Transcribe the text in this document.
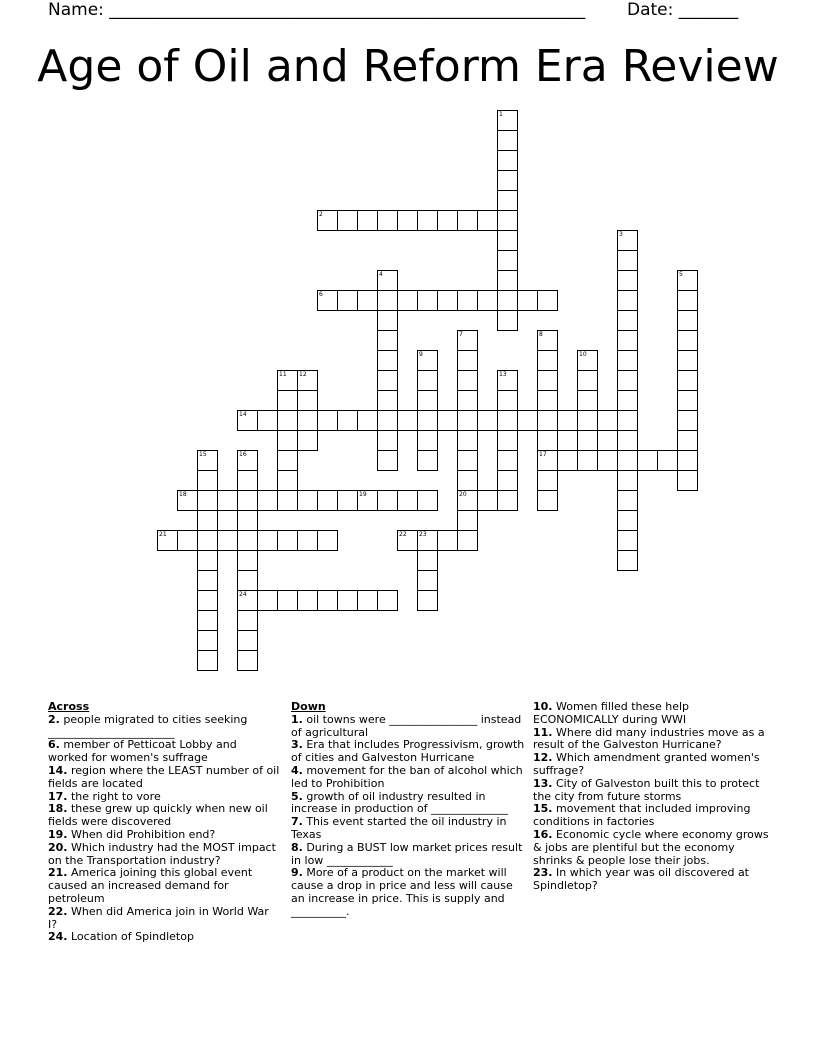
Name: ________________________________________________________ Date: _______
Age of Oil and Reform Era Review
1
2
3
4	5
6
7
20
8
17
9	10
11 12	13
14
15	16
24
18	19
21	22 23
Across
2. people migrated to cities seeking _______________________
6. member of Petticoat Lobby and worked for women's suffrage
14. region where the LEAST number of oil fields are located
17. the right to vore
18. these grew up quickly when new oil fields were discovered
19. When did Prohibition end?
20. Which industry had the MOST impact on the Transportation industry?
21. America joining this global event caused an increased demand for petroleum
22. When did America join in World War I?
24. Location of Spindletop
Down
1. oil towns were ________________ instead of agricultural
3. Era that includes Progressivism, growth of cities and Galveston Hurricane
4. movement for the ban of alcohol which led to Prohibition
5. growth of oil industry resulted in increase in production of ______________
7. This event started the oil industry in Texas
8. During a BUST low market prices result in low ____________
9. More of a product on the market will cause a drop in price and less will cause an increase in price. This is supply and __________.
10. Women filled these help ECONOMICALLY during WWI
11. Where did many industries move as a result of the Galveston Hurricane?
12. Which amendment granted women's suffrage?
13. City of Galveston built this to protect the city from future storms
15. movement that included improving conditions in factories
16. Economic cycle where economy grows & jobs are plentiful but the economy shrinks & people lose their jobs.
23. In which year was oil discovered at Spindletop?
